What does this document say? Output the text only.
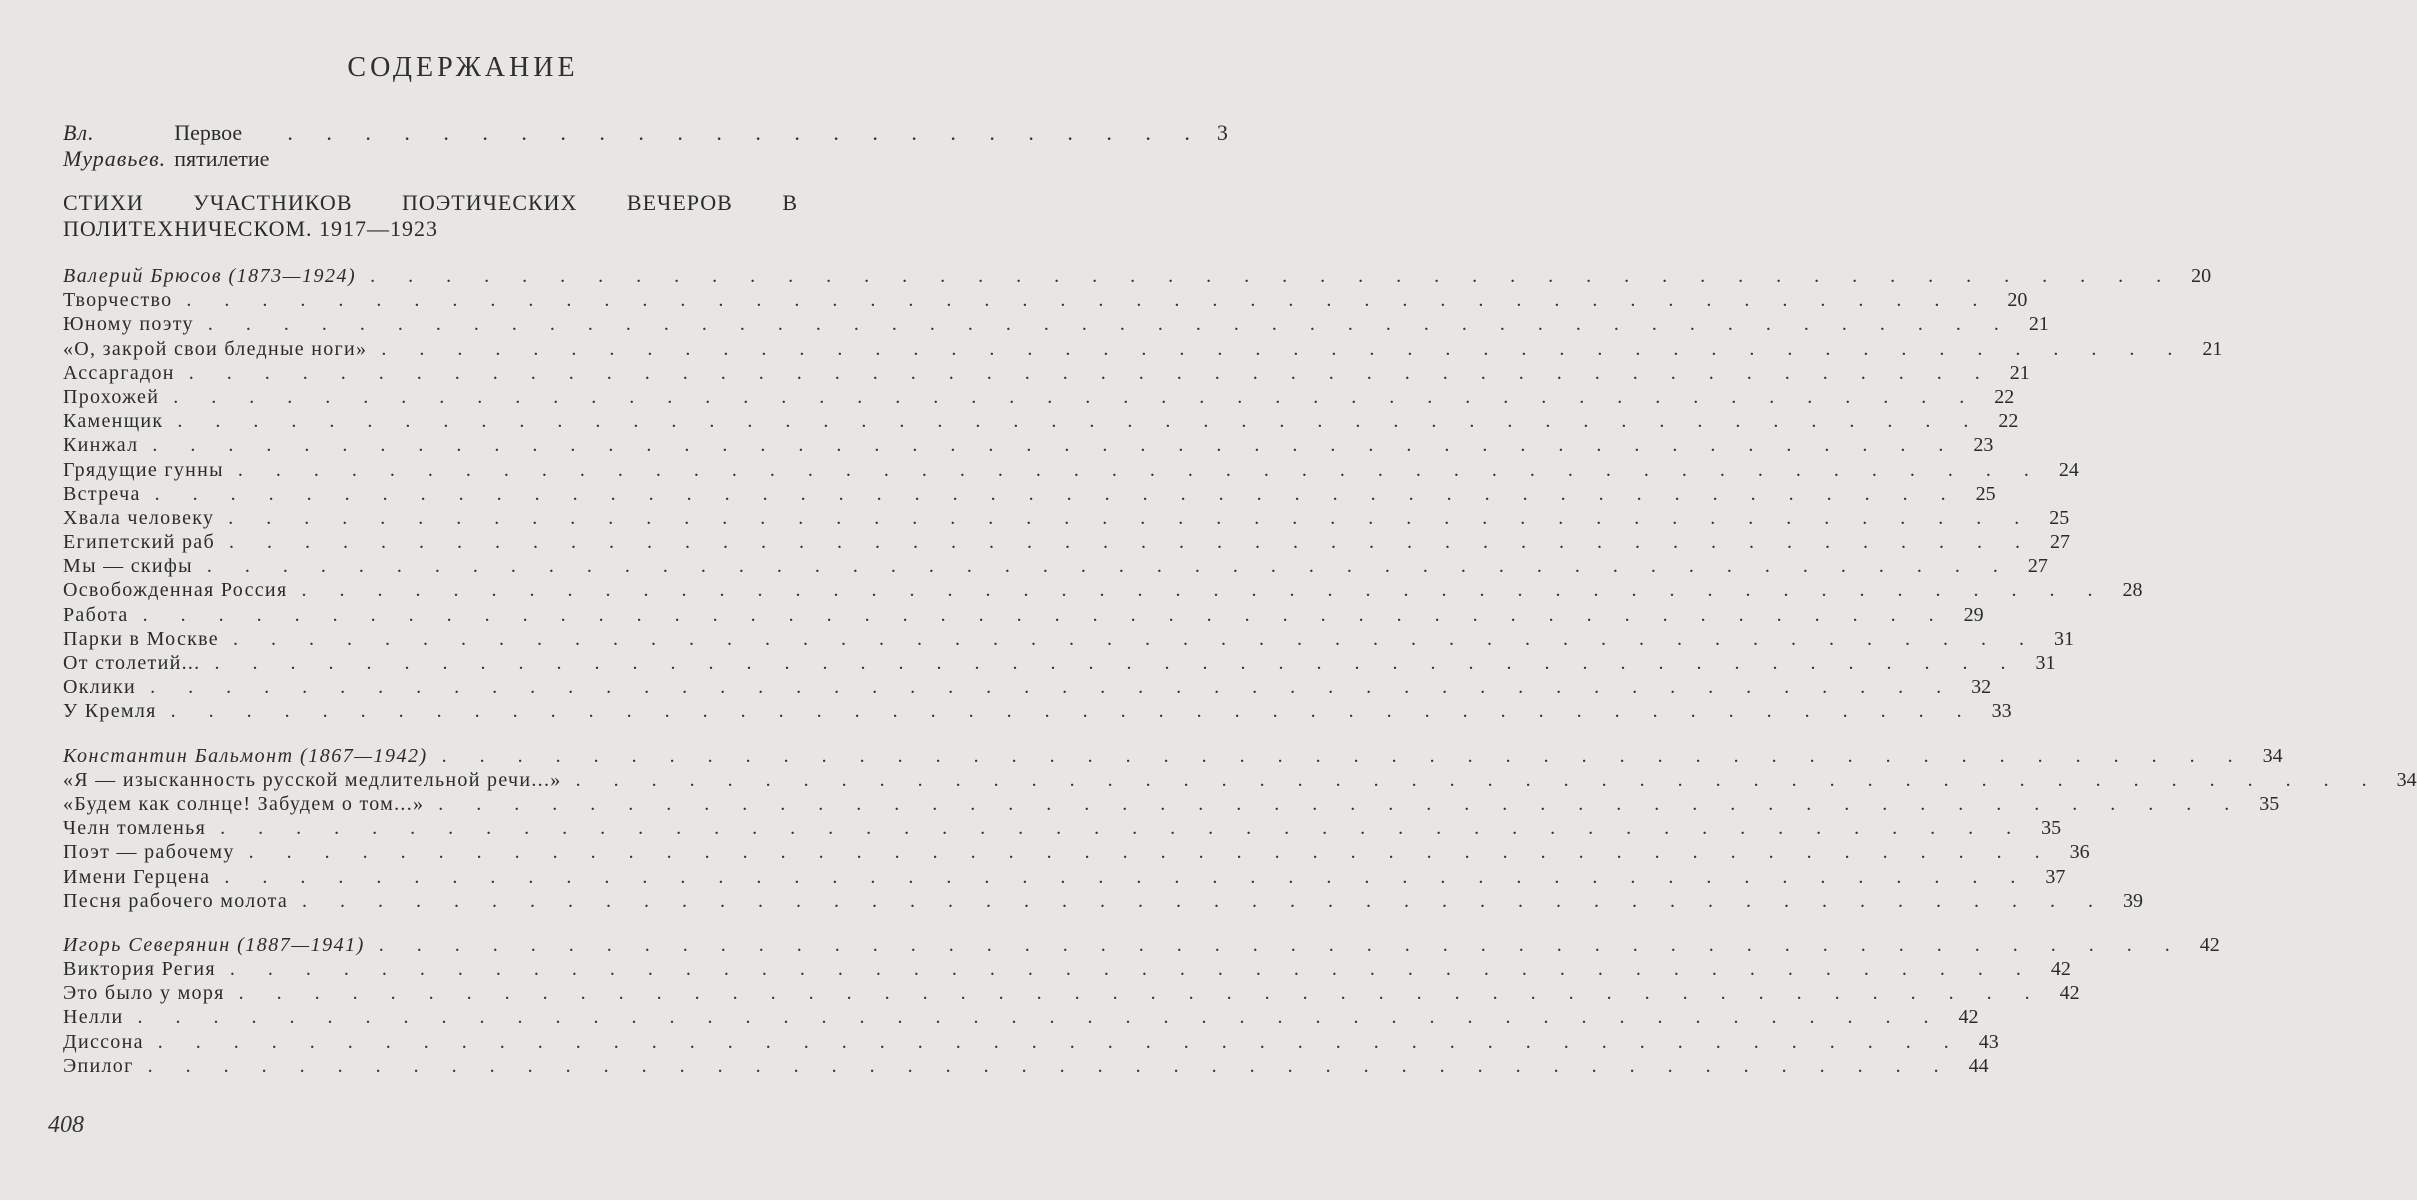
СОДЕРЖАНИЕ
Вл. Муравьев.
Первое пятилетие
. . . . . . . . . . . . . . . . . . . . . . . . 3
СТИХИ УЧАСТНИКОВ ПОЭТИЧЕСКИХ ВЕЧЕРОВ В ПОЛИТЕХНИЧЕСКОМ. 1917—1923
Валерий Брюсов (1873—1924) . . . . . . . . . . . . . . . . . . . . . . . . . . . . . . . . . . . . . . . . . . . . . . . . 20
Творчество . . . . . . . . . . . . . . . . . . . . . . . . . . . . . . . . . . . . . . . . . . . . . . . . 20
Юному поэту . . . . . . . . . . . . . . . . . . . . . . . . . . . . . . . . . . . . . . . . . . . . . . . . 21
«О, закрой свои бледные ноги» . . . . . . . . . . . . . . . . . . . . . . . . . . . . . . . . . . . . . . . . . . . . . . . . 21
Ассаргадон . . . . . . . . . . . . . . . . . . . . . . . . . . . . . . . . . . . . . . . . . . . . . . . . 21
Прохожей . . . . . . . . . . . . . . . . . . . . . . . . . . . . . . . . . . . . . . . . . . . . . . . . 22
Каменщик . . . . . . . . . . . . . . . . . . . . . . . . . . . . . . . . . . . . . . . . . . . . . . . . 22
Кинжал . . . . . . . . . . . . . . . . . . . . . . . . . . . . . . . . . . . . . . . . . . . . . . . . 23
Грядущие гунны . . . . . . . . . . . . . . . . . . . . . . . . . . . . . . . . . . . . . . . . . . . . . . . . 24
Встреча . . . . . . . . . . . . . . . . . . . . . . . . . . . . . . . . . . . . . . . . . . . . . . . . 25
Хвала человеку . . . . . . . . . . . . . . . . . . . . . . . . . . . . . . . . . . . . . . . . . . . . . . . . 25
Египетский раб . . . . . . . . . . . . . . . . . . . . . . . . . . . . . . . . . . . . . . . . . . . . . . . . 27
Мы — скифы . . . . . . . . . . . . . . . . . . . . . . . . . . . . . . . . . . . . . . . . . . . . . . . . 27
Освобожденная Россия . . . . . . . . . . . . . . . . . . . . . . . . . . . . . . . . . . . . . . . . . . . . . . . . 28
Работа . . . . . . . . . . . . . . . . . . . . . . . . . . . . . . . . . . . . . . . . . . . . . . . . 29
Парки в Москве . . . . . . . . . . . . . . . . . . . . . . . . . . . . . . . . . . . . . . . . . . . . . . . . 31
От столетий... . . . . . . . . . . . . . . . . . . . . . . . . . . . . . . . . . . . . . . . . . . . . . . . . 31
Оклики . . . . . . . . . . . . . . . . . . . . . . . . . . . . . . . . . . . . . . . . . . . . . . . . 32
У Кремля . . . . . . . . . . . . . . . . . . . . . . . . . . . . . . . . . . . . . . . . . . . . . . . . 33
Константин Бальмонт (1867—1942) . . . . . . . . . . . . . . . . . . . . . . . . . . . . . . . . . . . . . . . . . . . . . . . . 34
«Я — изысканность русской медлительной речи...» . . . . . . . . . . . . . . . . . . . . . . . . . . . . . . . . . . . . . . . . . . . . . . . . 34
«Будем как солнце! Забудем о том...» . . . . . . . . . . . . . . . . . . . . . . . . . . . . . . . . . . . . . . . . . . . . . . . . 35
Челн томленья . . . . . . . . . . . . . . . . . . . . . . . . . . . . . . . . . . . . . . . . . . . . . . . . 35
Поэт — рабочему . . . . . . . . . . . . . . . . . . . . . . . . . . . . . . . . . . . . . . . . . . . . . . . . 36
Имени Герцена . . . . . . . . . . . . . . . . . . . . . . . . . . . . . . . . . . . . . . . . . . . . . . . . 37
Песня рабочего молота . . . . . . . . . . . . . . . . . . . . . . . . . . . . . . . . . . . . . . . . . . . . . . . . 39
Игорь Северянин (1887—1941) . . . . . . . . . . . . . . . . . . . . . . . . . . . . . . . . . . . . . . . . . . . . . . . . 42
Виктория Регия . . . . . . . . . . . . . . . . . . . . . . . . . . . . . . . . . . . . . . . . . . . . . . . . 42
Это было у моря . . . . . . . . . . . . . . . . . . . . . . . . . . . . . . . . . . . . . . . . . . . . . . . . 42
Нелли . . . . . . . . . . . . . . . . . . . . . . . . . . . . . . . . . . . . . . . . . . . . . . . . 42
Диссона . . . . . . . . . . . . . . . . . . . . . . . . . . . . . . . . . . . . . . . . . . . . . . . . 43
Эпилог . . . . . . . . . . . . . . . . . . . . . . . . . . . . . . . . . . . . . . . . . . . . . . . . 44
408
